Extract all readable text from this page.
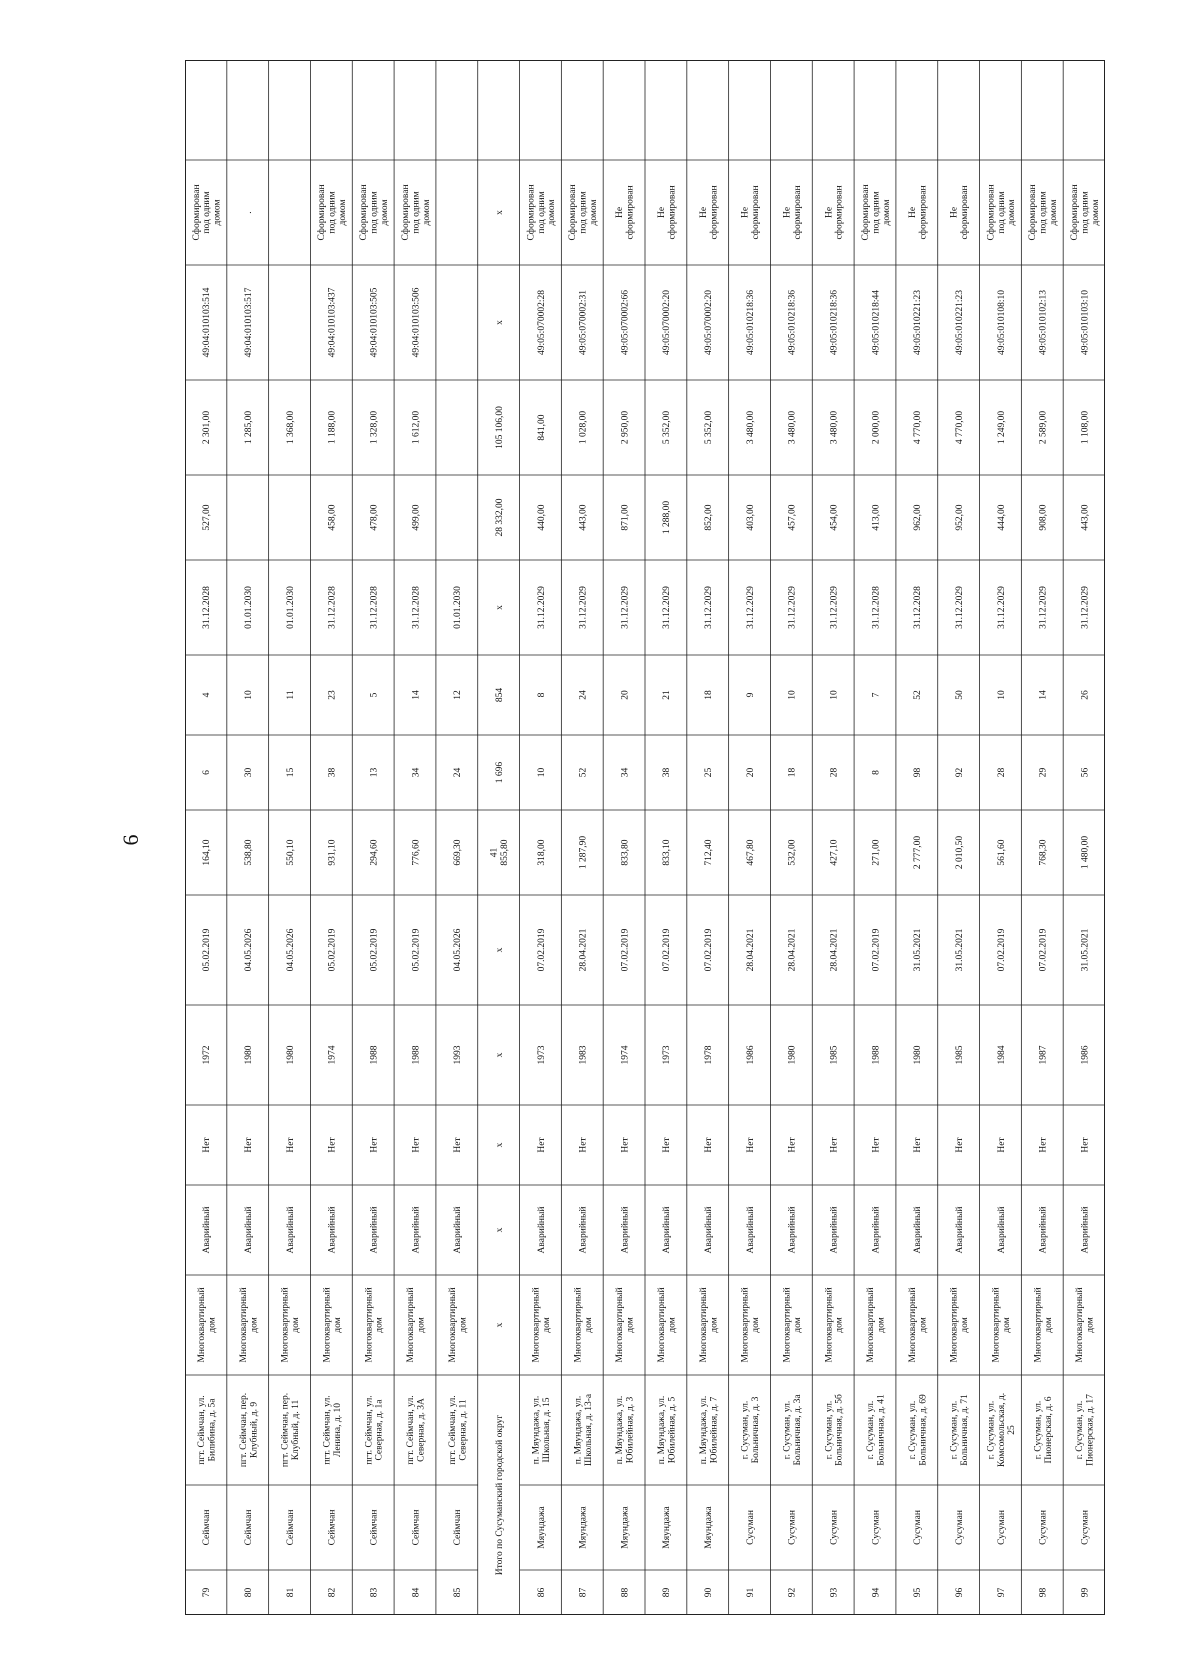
6
79
Сеймчан
пгт. Сеймчан, ул.Билибина, д. 5а
Многоквартирныйдом
Аварийный
Нет
1972
05.02.2019
164,10
6
4
31.12.2028
527,00
2 301,00
49:04:010103:514
Сформированпод однимдомом
80
Сеймчан
пгт. Сеймчан, пер.Клубный, д. 9
Многоквартирныйдом
Аварийный
Нет
1980
04.05.2026
538,80
30
10
01.01.2030
1 285,00
49:04:010103:517
.
81
Сеймчан
пгт. Сеймчан, пер.Клубный, д. 11
Многоквартирныйдом
Аварийный
Нет
1980
04.05.2026
550,10
15
11
01.01.2030
1 368,00
82
Сеймчан
пгт. Сеймчан, ул.Ленина, д. 10
Многоквартирныйдом
Аварийный
Нет
1974
05.02.2019
931,10
38
23
31.12.2028
458,00
1 188,00
49:04:010103:437
Сформированпод однимдомом
83
Сеймчан
пгт. Сеймчан, ул.Северная, д. 1а
Многоквартирныйдом
Аварийный
Нет
1988
05.02.2019
294,60
13
5
31.12.2028
478,00
1 328,00
49:04:010103:505
Сформированпод однимдомом
84
Сеймчан
пгт. Сеймчан, ул.Северная, д. 3А
Многоквартирныйдом
Аварийный
Нет
1988
05.02.2019
776,60
34
14
31.12.2028
499,00
1 612,00
49:04:010103:506
Сформированпод однимдомом
85
Сеймчан
пгт. Сеймчан, ул.Северная, д. 11
Многоквартирныйдом
Аварийный
Нет
1993
04.05.2026
669,30
24
12
01.01.2030
Итого по Сусуманский городской округ
х
х
х
х
х
41855,80
1 696
854
х
28 332,00
105 106,00
х
х
86
Мяундажа
п. Мяундажа, ул.Школьная, д. 15
Многоквартирныйдом
Аварийный
Нет
1973
07.02.2019
318,00
10
8
31.12.2029
440,00
841,00
49:05:070002:28
Сформированпод однимдомом
87
Мяундажа
п. Мяундажа, ул.Школьная, д. 13-а
Многоквартирныйдом
Аварийный
Нет
1983
28.04.2021
1 287,90
52
24
31.12.2029
443,00
1 028,00
49:05:070002:31
Сформированпод однимдомом
88
Мяундажа
п. Мяундажа, ул.Юбилейная, д. 3
Многоквартирныйдом
Аварийный
Нет
1974
07.02.2019
833,80
34
20
31.12.2029
871,00
2 950,00
49:05:070002:66
Несформирован
89
Мяундажа
п. Мяундажа, ул.Юбилейная, д. 5
Многоквартирныйдом
Аварийный
Нет
1973
07.02.2019
833,10
38
21
31.12.2029
1 288,00
5 352,00
49:05:070002:20
Несформирован
90
Мяундажа
п. Мяундажа, ул.Юбилейная, д. 7
Многоквартирныйдом
Аварийный
Нет
1978
07.02.2019
712,40
25
18
31.12.2029
852,00
5 352,00
49:05:070002:20
Несформирован
91
Сусуман
г. Сусуман, ул.Больничная, д. 3
Многоквартирныйдом
Аварийный
Нет
1986
28.04.2021
467,80
20
9
31.12.2029
403,00
3 480,00
49:05:010218:36
Несформирован
92
Сусуман
г. Сусуман, ул.Больничная, д. 3а
Многоквартирныйдом
Аварийный
Нет
1980
28.04.2021
532,00
18
10
31.12.2029
457,00
3 480,00
49:05:010218:36
Несформирован
93
Сусуман
г. Сусуман, ул.Больничная, д. 5б
Многоквартирныйдом
Аварийный
Нет
1985
28.04.2021
427,10
28
10
31.12.2029
454,00
3 480,00
49:05:010218:36
Несформирован
94
Сусуман
г. Сусуман, ул.Больничная, д. 41
Многоквартирныйдом
Аварийный
Нет
1988
07.02.2019
271,00
8
7
31.12.2028
413,00
2 000,00
49:05:010218:44
Сформированпод однимдомом
95
Сусуман
г. Сусуман, ул.Больничная, д. 69
Многоквартирныйдом
Аварийный
Нет
1980
31.05.2021
2 777,00
98
52
31.12.2028
962,00
4 770,00
49:05:010221:23
Несформирован
96
Сусуман
г. Сусуман, ул.Больничная, д. 71
Многоквартирныйдом
Аварийный
Нет
1985
31.05.2021
2 010,50
92
50
31.12.2029
952,00
4 770,00
49:05:010221:23
Несформирован
97
Сусуман
г. Сусуман, ул.Комсомольская, д.25
Многоквартирныйдом
Аварийный
Нет
1984
07.02.2019
561,60
28
10
31.12.2029
444,00
1 249,00
49:05:010108:10
Сформированпод однимдомом
98
Сусуман
г. Сусуман, ул.Пионерская, д. 6
Многоквартирныйдом
Аварийный
Нет
1987
07.02.2019
768,30
29
14
31.12.2029
908,00
2 589,00
49:05:010102:13
Сформированпод однимдомом
99
Сусуман
г. Сусуман, ул.Пионерская, д. 17
Многоквартирныйдом
Аварийный
Нет
1986
31.05.2021
1 480,00
56
26
31.12.2029
443,00
1 108,00
49:05:010103:10
Сформированпод однимдомом
